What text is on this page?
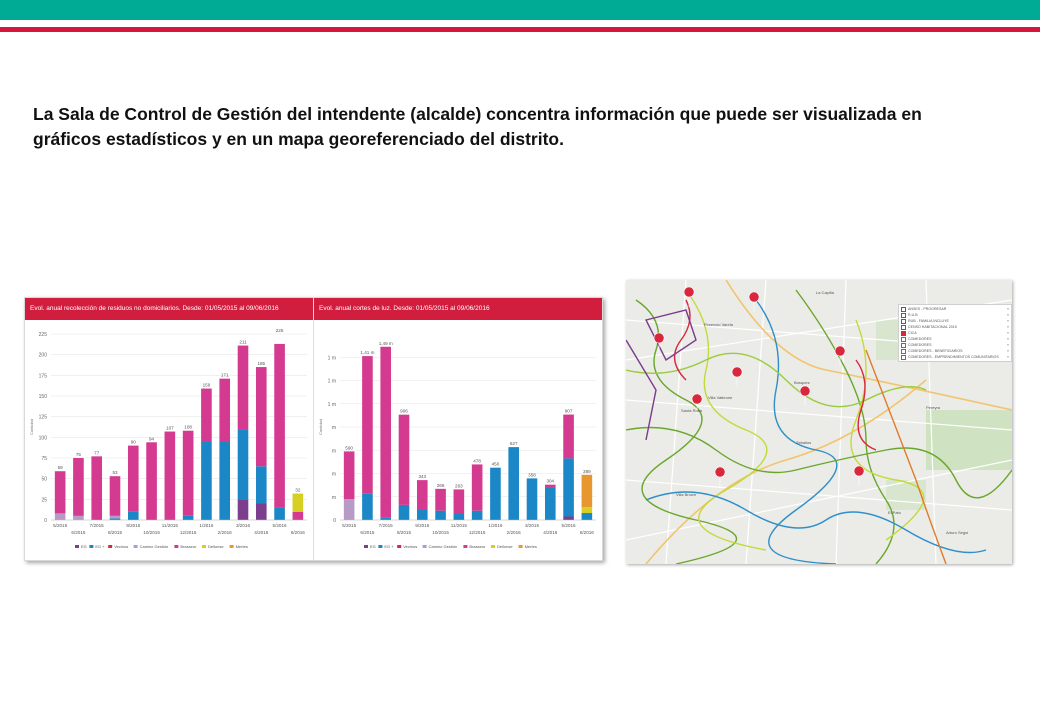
La Sala de Control de Gestión del intendente (alcalde) concentra información que puede ser visualizada en gráficos estadísticos y en un mapa georeferenciado del distrito.

Evol. anual recolección de residuos no domiciliarios. Desde: 01/05/2015 al 09/06/2016
0
25
50
75
100
125
150
175
200
225
Cantidad
59
75	77
53
90
94
107 108
159
171
211
185
225
32
5/2015	7/2015	9/2015	11/2015	1/2016	3/2016	5/2016
6/2015	8/2015	10/2015	12/2015	2/2016	4/2016	6/2016
EG EG + Vecinos	Camino Gestión	Brasseur	Dellonse	Mertes
Evol. anual cortes de luz. Desde: 01/05/2015 al 09/06/2016
0
m
m
m
m
1 m
1 m
1 m
Cantidad
590
1,41 m
1,49 m
906
343
268 263
478
450
627
358
304
907
389
5/2015	7/2015	9/2015	11/2015	1/2016	3/2016	5/2016
6/2015	8/2015	10/2015	12/2015	2/2016	4/2016	6/2016
EG EG + Vecinos	Camino Gestión	Brasseur	Dellonse	Mertes
Florencio Varela
Villa Vatteone
Bosques
Zeballos
Pereyra
El Pato
Arturo Segui
Villa Brown
Santa Rosa
La Capilla
ANSES - PROGRESAR	≡
R.U.B	≡
RUB - FAMILIA INCLUYE	≡
CENSO HABITACIONAL 2015	≡
CICA	≡
COMEDORES	≡
COMEDORES	≡
COMEDORES - BENEFICIARIOS	≡
COMEDORES - EMPRENDIMIENTOS COMUNITARIOS ≡
